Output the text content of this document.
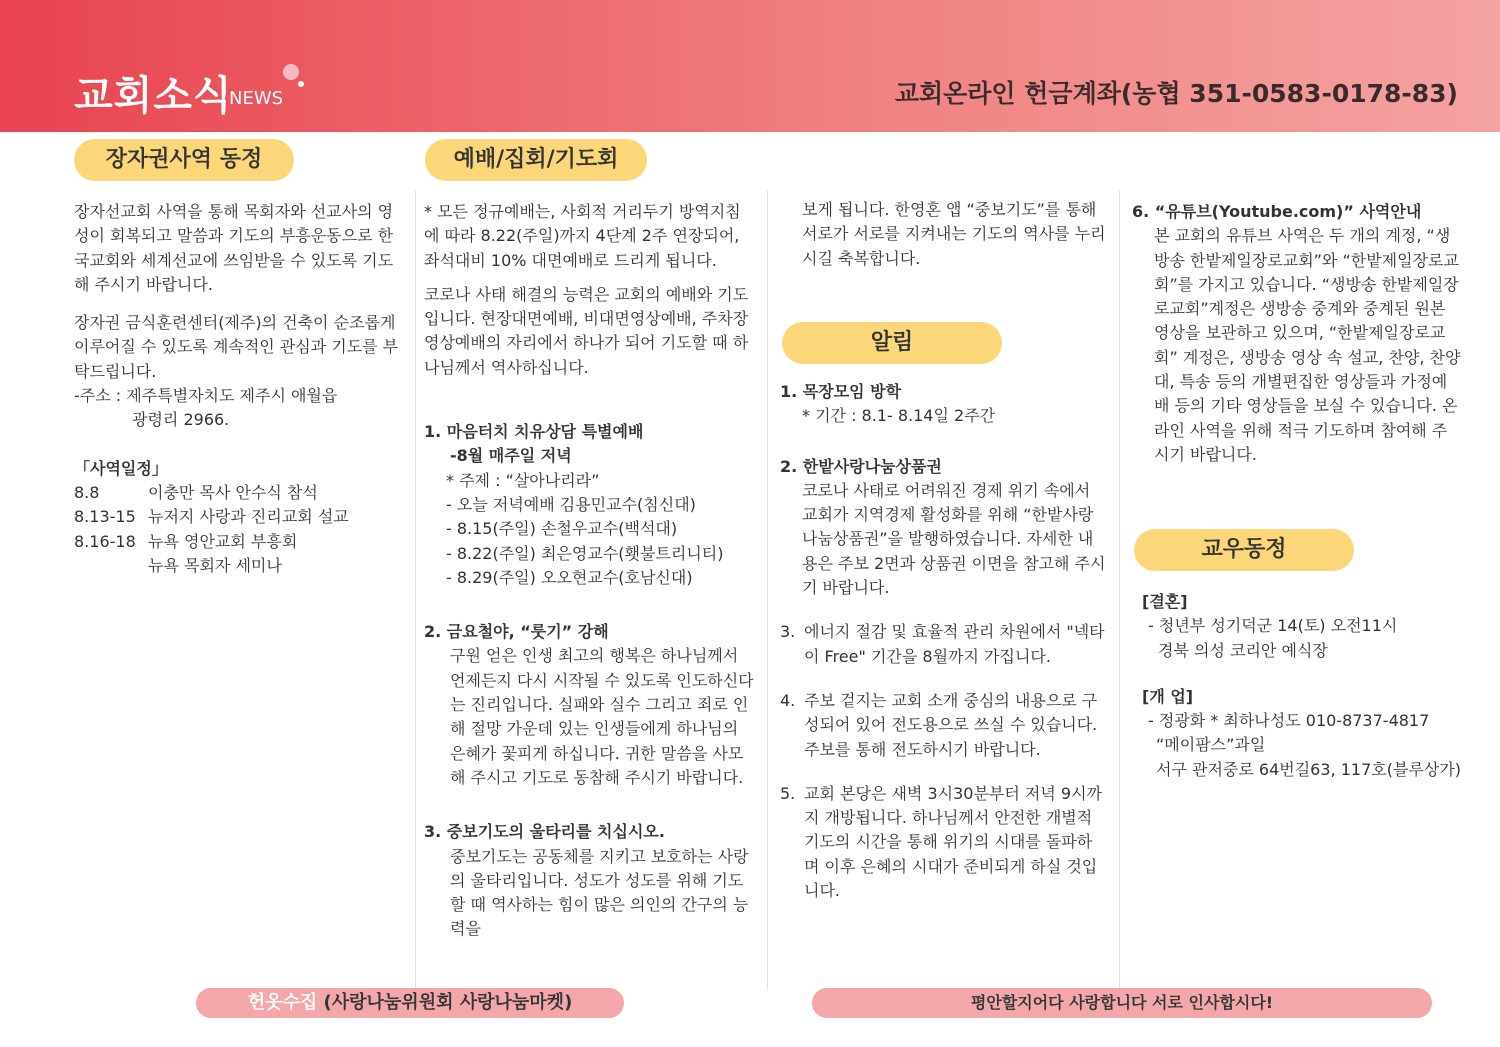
교회소식
NEWS	교회온라인 헌금계좌(농협 351-0583-0178-83)
장자권사역 동정	예배/집회/기도회
알림
교우동정

장자선교회 사역을 통해 목회자와 선교사의 영성이 회복되고 말씀과 기도의 부흥운동으로 한국교회와 세계선교에 쓰임받을 수 있도록 기도해 주시기 바랍니다.

장자권 금식훈련센터(제주)의 건축이 순조롭게 이루어질 수 있도록 계속적인 관심과 기도를 부탁드립니다.

-주소 : 제주특별자치도 제주시 애월읍

광령리 2966.

「사역일정」

8.8	이충만 목사 안수식 참석
8.13-15	뉴저지 사랑과 진리교회 설교
8.16-18	뉴욕 영안교회 부흥회
	뉴욕 목회자 세미나

* 모든 정규예배는, 사회적 거리두기 방역지침에 따라 8.22(주일)까지 4단계 2주 연장되어, 좌석대비 10% 대면예배로 드리게 됩니다.

코로나 사태 해결의 능력은 교회의 예배와 기도입니다. 현장대면예배, 비대면영상예배, 주차장영상예배의 자리에서 하나가 되어 기도할 때 하나님께서 역사하십니다.

1. 마음터치 치유상담 특별예배

-8월 매주일 저녁

* 주제 : “살아나리라”

- 오늘 저녁예배 김용민교수(침신대)

- 8.15(주일) 손철우교수(백석대)

- 8.22(주일) 최은영교수(횃불트리니티)

- 8.29(주일) 오오현교수(호남신대)

2. 금요철야, “룻기” 강해

구원 얻은 인생 최고의 행복은 하나님께서 언제든지 다시 시작될 수 있도록 인도하신다는 진리입니다. 실패와 실수 그리고 죄로 인해 절망 가운데 있는 인생들에게 하나님의 은혜가 꽃피게 하십니다. 귀한 말씀을 사모해 주시고 기도로 동참해 주시기 바랍니다.

3. 중보기도의 울타리를 치십시오.

중보기도는 공동체를 지키고 보호하는 사랑의 울타리입니다. 성도가 성도를 위해 기도할 때 역사하는 힘이 많은 의인의 간구의 능력을

보게 됩니다. 한영혼 앱 “중보기도”를 통해서로가 서로를 지켜내는 기도의 역사를 누리시길 축복합니다.

1. 목장모임 방학

* 기간 : 8.1- 8.14일 2주간

2. 한밭사랑나눔상품권

코로나 사태로 어려워진 경제 위기 속에서 교회가 지역경제 활성화를 위해 “한밭사랑나눔상품권”을 발행하였습니다. 자세한 내용은 주보 2면과 상품권 이면을 참고해 주시기 바랍니다.

3. 에너지 절감 및 효율적 관리 차원에서 "넥타이 Free" 기간을 8월까지 가집니다.
4. 주보 겉지는 교회 소개 중심의 내용으로 구성되어 있어 전도용으로 쓰실 수 있습니다. 주보를 통해 전도하시기 바랍니다.
5. 교회 본당은 새벽 3시30분부터 저녁 9시까지 개방됩니다. 하나님께서 안전한 개별적 기도의 시간을 통해 위기의 시대를 돌파하며 이후 은혜의 시대가 준비되게 하실 것입니다.

6. “유튜브(Youtube.com)” 사역안내

본 교회의 유튜브 사역은 두 개의 계정, “생방송 한밭제일장로교회”와 “한밭제일장로교회”를 가지고 있습니다. “생방송 한밭제일장로교회”계정은 생방송 중계와 중계된 원본 영상을 보관하고 있으며, “한밭제일장로교회” 계정은, 생방송 영상 속 설교, 찬양, 찬양대, 특송 등의 개별편집한 영상들과 가정예배 등의 기타 영상들을 보실 수 있습니다. 온라인 사역을 위해 적극 기도하며 참여해 주시기 바랍니다.

[결혼]

- 청년부 성기덕군 14(토) 오전11시

경북 의성 코리안 예식장

[개 업]

- 정광화 * 최하나성도 010-8737-4817

“메이팜스”과일

서구 관저중로 64번길63, 117호(블루상가)

헌옷수집 (사랑나눔위원회 사랑나눔마켓)	평안할지어다 사랑합니다 서로 인사합시다!
